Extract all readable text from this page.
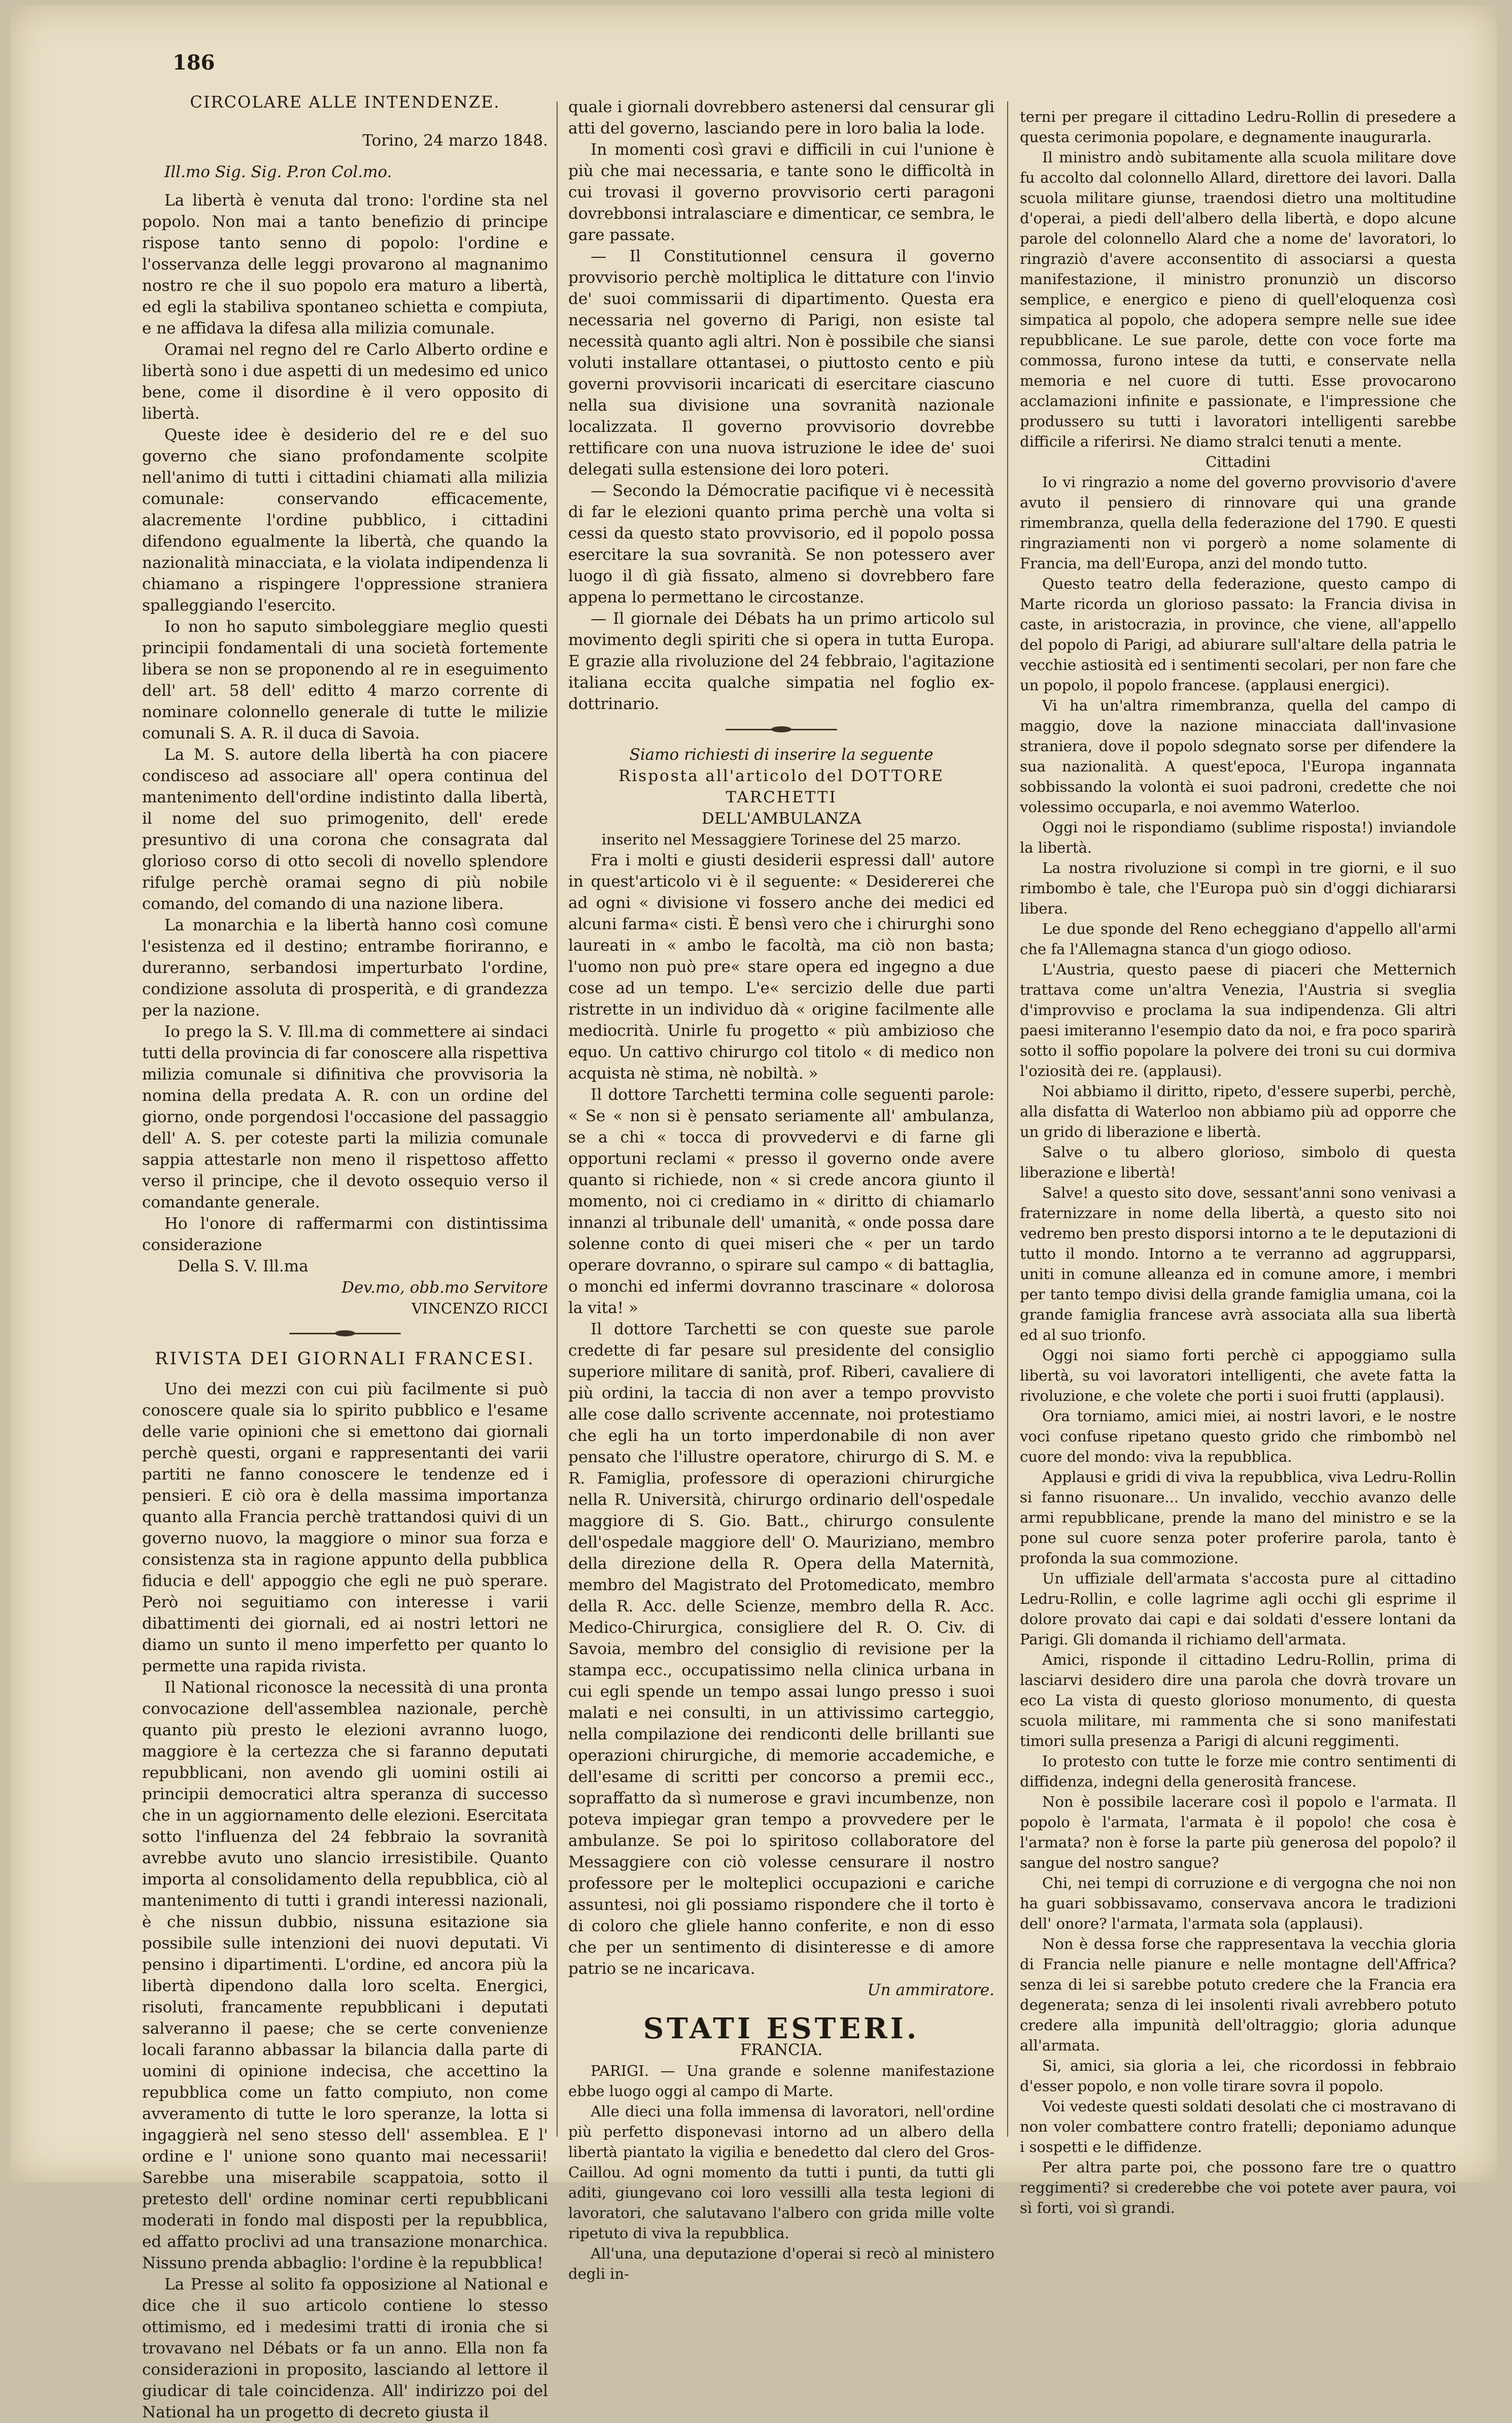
186

CIRCOLARE ALLE INTENDENZE.

Torino, 24 marzo 1848.

Ill.mo Sig. Sig. P.ron Col.mo.

La libertà è venuta dal trono: l'ordine sta nel popolo. Non mai a tanto benefizio di principe rispose tanto senno di popolo: l'ordine e l'osservanza delle leggi provarono al magnanimo nostro re che il suo popolo era maturo a libertà, ed egli la stabiliva spontaneo schietta e compiuta, e ne affidava la difesa alla milizia comunale.

Oramai nel regno del re Carlo Alberto ordine e libertà sono i due aspetti di un medesimo ed unico bene, come il disordine è il vero opposito di libertà.

Queste idee è desiderio del re e del suo governo che siano profondamente scolpite nell'animo di tutti i cittadini chiamati alla milizia comunale: conservando efficacemente, alacremente l'ordine pubblico, i cittadini difendono egualmente la libertà, che quando la nazionalità minacciata, e la violata indipendenza li chiamano a rispingere l'oppressione straniera spalleggiando l'esercito.

Io non ho saputo simboleggiare meglio questi principii fondamentali di una società fortemente libera se non se proponendo al re in eseguimento dell' art. 58 dell' editto 4 marzo corrente di nominare colonnello generale di tutte le milizie comunali S. A. R. il duca di Savoia.

La M. S. autore della libertà ha con piacere condisceso ad associare all' opera continua del mantenimento dell'ordine indistinto dalla libertà, il nome del suo primogenito, dell' erede presuntivo di una corona che consagrata dal glorioso corso di otto secoli di novello splendore rifulge perchè oramai segno di più nobile comando, del comando di una nazione libera.

La monarchia e la libertà hanno così comune l'esistenza ed il destino; entrambe fioriranno, e dureranno, serbandosi imperturbato l'ordine, condizione assoluta di prosperità, e di grandezza per la nazione.

Io prego la S. V. Ill.ma di commettere ai sindaci tutti della provincia di far conoscere alla rispettiva milizia comunale si difinitiva che provvisoria la nomina della predata A. R. con un ordine del giorno, onde porgendosi l'occasione del passaggio dell' A. S. per coteste parti la milizia comunale sappia attestarle non meno il rispettoso affetto verso il principe, che il devoto ossequio verso il comandante generale.

Ho l'onore di raffermarmi con distintissima considerazione

Della S. V. Ill.ma

Dev.mo, obb.mo Servitore

VINCENZO RICCI

RIVISTA DEI GIORNALI FRANCESI.

Uno dei mezzi con cui più facilmente si può conoscere quale sia lo spirito pubblico e l'esame delle varie opinioni che si emettono dai giornali perchè questi, organi e rappresentanti dei varii partiti ne fanno conoscere le tendenze ed i pensieri. E ciò ora è della massima importanza quanto alla Francia perchè trattandosi quivi di un governo nuovo, la maggiore o minor sua forza e consistenza sta in ragione appunto della pubblica fiducia e dell' appoggio che egli ne può sperare. Però noi seguitiamo con interesse i varii dibattimenti dei giornali, ed ai nostri lettori ne diamo un sunto il meno imperfetto per quanto lo permette una rapida rivista.

Il National riconosce la necessità di una pronta convocazione dell'assemblea nazionale, perchè quanto più presto le elezioni avranno luogo, maggiore è la certezza che si faranno deputati repubblicani, non avendo gli uomini ostili ai principii democratici altra speranza di successo che in un aggiornamento delle elezioni. Esercitata sotto l'influenza del 24 febbraio la sovranità avrebbe avuto uno slancio irresistibile. Quanto importa al consolidamento della repubblica, ciò al mantenimento di tutti i grandi interessi nazionali, è che nissun dubbio, nissuna esitazione sia possibile sulle intenzioni dei nuovi deputati. Vi pensino i dipartimenti. L'ordine, ed ancora più la libertà dipendono dalla loro scelta. Energici, risoluti, francamente repubblicani i deputati salveranno il paese; che se certe convenienze locali faranno abbassar la bilancia dalla parte di uomini di opinione indecisa, che accettino la repubblica come un fatto compiuto, non come avveramento di tutte le loro speranze, la lotta si ingaggierà nel seno stesso dell' assemblea. E l' ordine e l' unione sono quanto mai necessarii! Sarebbe una miserabile scappatoia, sotto il pretesto dell' ordine nominar certi repubblicani moderati in fondo mal disposti per la repubblica, ed affatto proclivi ad una transazione monarchica. Nissuno prenda abbaglio: l'ordine è la repubblica!

La Presse al solito fa opposizione al National e dice che il suo articolo contiene lo stesso ottimismo, ed i medesimi tratti di ironia che si trovavano nel Débats or fa un anno. Ella non fa considerazioni in proposito, lasciando al lettore il giudicar di tale coincidenza. All' indirizzo poi del National ha un progetto di decreto giusta il

quale i giornali dovrebbero astenersi dal censurar gli atti del governo, lasciando pere in loro balia la lode.

In momenti così gravi e difficili in cui l'unione è più che mai necessaria, e tante sono le difficoltà in cui trovasi il governo provvisorio certi paragoni dovrebbonsi intralasciare e dimenticar, ce sembra, le gare passate.

— Il Constitutionnel censura il governo provvisorio perchè moltiplica le dittature con l'invio de' suoi commissarii di dipartimento. Questa era necessaria nel governo di Parigi, non esiste tal necessità quanto agli altri. Non è possibile che siansi voluti installare ottantasei, o piuttosto cento e più governi provvisorii incaricati di esercitare ciascuno nella sua divisione una sovranità nazionale localizzata. Il governo provvisorio dovrebbe rettificare con una nuova istruzione le idee de' suoi delegati sulla estensione dei loro poteri.

— Secondo la Démocratie pacifique vi è necessità di far le elezioni quanto prima perchè una volta si cessi da questo stato provvisorio, ed il popolo possa esercitare la sua sovranità. Se non potessero aver luogo il dì già fissato, almeno si dovrebbero fare appena lo permettano le circostanze.

— Il giornale dei Débats ha un primo articolo sul movimento degli spiriti che si opera in tutta Europa. E grazie alla rivoluzione del 24 febbraio, l'agitazione italiana eccita qualche simpatia nel foglio ex-dottrinario.

Siamo richiesti di inserire la seguente

Risposta all'articolo del DOTTORE TARCHETTI

DELL'AMBULANZA

inserito nel Messaggiere Torinese del 25 marzo.

Fra i molti e giusti desiderii espressi dall' autore in quest'articolo vi è il seguente: « Desidererei che ad ogni « divisione vi fossero anche dei medici ed alcuni farma« cisti. È bensì vero che i chirurghi sono laureati in « ambo le facoltà, ma ciò non basta; l'uomo non può pre« stare opera ed ingegno a due cose ad un tempo. L'e« sercizio delle due parti ristrette in un individuo dà « origine facilmente alle mediocrità. Unirle fu progetto « più ambizioso che equo. Un cattivo chirurgo col titolo « di medico non acquista nè stima, nè nobiltà. »

Il dottore Tarchetti termina colle seguenti parole: « Se « non si è pensato seriamente all' ambulanza, se a chi « tocca di provvedervi e di farne gli opportuni reclami « presso il governo onde avere quanto si richiede, non « si crede ancora giunto il momento, noi ci crediamo in « diritto di chiamarlo innanzi al tribunale dell' umanità, « onde possa dare solenne conto di quei miseri che « per un tardo operare dovranno, o spirare sul campo « di battaglia, o monchi ed infermi dovranno trascinare « dolorosa la vita! »

Il dottore Tarchetti se con queste sue parole credette di far pesare sul presidente del consiglio superiore militare di sanità, prof. Riberi, cavaliere di più ordini, la taccia di non aver a tempo provvisto alle cose dallo scrivente accennate, noi protestiamo che egli ha un torto imperdonabile di non aver pensato che l'illustre operatore, chirurgo di S. M. e R. Famiglia, professore di operazioni chirurgiche nella R. Università, chirurgo ordinario dell'ospedale maggiore di S. Gio. Batt., chirurgo consulente dell'ospedale maggiore dell' O. Mauriziano, membro della direzione della R. Opera della Maternità, membro del Magistrato del Protomedicato, membro della R. Acc. delle Scienze, membro della R. Acc. Medico-Chirurgica, consigliere del R. O. Civ. di Savoia, membro del consiglio di revisione per la stampa ecc., occupatissimo nella clinica urbana in cui egli spende un tempo assai lungo presso i suoi malati e nei consulti, in un attivissimo carteggio, nella compilazione dei rendiconti delle brillanti sue operazioni chirurgiche, di memorie accademiche, e dell'esame di scritti per concorso a premii ecc., sopraffatto da sì numerose e gravi incumbenze, non poteva impiegar gran tempo a provvedere per le ambulanze. Se poi lo spiritoso collaboratore del Messaggiere con ciò volesse censurare il nostro professore per le molteplici occupazioni e cariche assuntesi, noi gli possiamo rispondere che il torto è di coloro che gliele hanno conferite, e non di esso che per un sentimento di disinteresse e di amore patrio se ne incaricava.

Un ammiratore.

STATI ESTERI.

FRANCIA.

PARIGI. — Una grande e solenne manifestazione ebbe luogo oggi al campo di Marte.

Alle dieci una folla immensa di lavoratori, nell'ordine più perfetto disponevasi intorno ad un albero della libertà piantato la vigilia e benedetto dal clero del Gros-Caillou. Ad ogni momento da tutti i punti, da tutti gli aditi, giungevano coi loro vessilli alla testa legioni di lavoratori, che salutavano l'albero con grida mille volte ripetuto di viva la repubblica.

All'una, una deputazione d'operai si recò al ministero degli in-

terni per pregare il cittadino Ledru-Rollin di presedere a questa cerimonia popolare, e degnamente inaugurarla.

Il ministro andò subitamente alla scuola militare dove fu accolto dal colonnello Allard, direttore dei lavori. Dalla scuola militare giunse, traendosi dietro una moltitudine d'operai, a piedi dell'albero della libertà, e dopo alcune parole del colonnello Alard che a nome de' lavoratori, lo ringraziò d'avere acconsentito di associarsi a questa manifestazione, il ministro pronunziò un discorso semplice, e energico e pieno di quell'eloquenza così simpatica al popolo, che adopera sempre nelle sue idee repubblicane. Le sue parole, dette con voce forte ma commossa, furono intese da tutti, e conservate nella memoria e nel cuore di tutti. Esse provocarono acclamazioni infinite e passionate, e l'impressione che produssero su tutti i lavoratori intelligenti sarebbe difficile a riferirsi. Ne diamo stralci tenuti a mente.

Cittadini

Io vi ringrazio a nome del governo provvisorio d'avere avuto il pensiero di rinnovare qui una grande rimembranza, quella della federazione del 1790. E questi ringraziamenti non vi porgerò a nome solamente di Francia, ma dell'Europa, anzi del mondo tutto.

Questo teatro della federazione, questo campo di Marte ricorda un glorioso passato: la Francia divisa in caste, in aristocrazia, in province, che viene, all'appello del popolo di Parigi, ad abiurare sull'altare della patria le vecchie astiosità ed i sentimenti secolari, per non fare che un popolo, il popolo francese. (applausi energici).

Vi ha un'altra rimembranza, quella del campo di maggio, dove la nazione minacciata dall'invasione straniera, dove il popolo sdegnato sorse per difendere la sua nazionalità. A quest'epoca, l'Europa ingannata sobbissando la volontà ei suoi padroni, credette che noi volessimo occuparla, e noi avemmo Waterloo.

Oggi noi le rispondiamo (sublime risposta!) inviandole la libertà.

La nostra rivoluzione si compì in tre giorni, e il suo rimbombo è tale, che l'Europa può sin d'oggi dichiararsi libera.

Le due sponde del Reno echeggiano d'appello all'armi che fa l'Allemagna stanca d'un giogo odioso.

L'Austria, questo paese di piaceri che Metternich trattava come un'altra Venezia, l'Austria si sveglia d'improvviso e proclama la sua indipendenza. Gli altri paesi imiteranno l'esempio dato da noi, e fra poco sparirà sotto il soffio popolare la polvere dei troni su cui dormiva l'oziosità dei re. (applausi).

Noi abbiamo il diritto, ripeto, d'essere superbi, perchè, alla disfatta di Waterloo non abbiamo più ad opporre che un grido di liberazione e libertà.

Salve o tu albero glorioso, simbolo di questa liberazione e libertà!

Salve! a questo sito dove, sessant'anni sono venivasi a fraternizzare in nome della libertà, a questo sito noi vedremo ben presto disporsi intorno a te le deputazioni di tutto il mondo. Intorno a te verranno ad aggrupparsi, uniti in comune alleanza ed in comune amore, i membri per tanto tempo divisi della grande famiglia umana, coi la grande famiglia francese avrà associata alla sua libertà ed al suo trionfo.

Oggi noi siamo forti perchè ci appoggiamo sulla libertà, su voi lavoratori intelligenti, che avete fatta la rivoluzione, e che volete che porti i suoi frutti (applausi).

Ora torniamo, amici miei, ai nostri lavori, e le nostre voci confuse ripetano questo grido che rimbombò nel cuore del mondo: viva la repubblica.

Applausi e gridi di viva la repubblica, viva Ledru-Rollin si fanno risuonare... Un invalido, vecchio avanzo delle armi repubblicane, prende la mano del ministro e se la pone sul cuore senza poter proferire parola, tanto è profonda la sua commozione.

Un uffiziale dell'armata s'accosta pure al cittadino Ledru-Rollin, e colle lagrime agli occhi gli esprime il dolore provato dai capi e dai soldati d'essere lontani da Parigi. Gli domanda il richiamo dell'armata.

Amici, risponde il cittadino Ledru-Rollin, prima di lasciarvi desidero dire una parola che dovrà trovare un eco La vista di questo glorioso monumento, di questa scuola militare, mi rammenta che si sono manifestati timori sulla presenza a Parigi di alcuni reggimenti.

Io protesto con tutte le forze mie contro sentimenti di diffidenza, indegni della generosità francese.

Non è possibile lacerare così il popolo e l'armata. Il popolo è l'armata, l'armata è il popolo! che cosa è l'armata? non è forse la parte più generosa del popolo? il sangue del nostro sangue?

Chi, nei tempi di corruzione e di vergogna che noi non ha guari sobbissavamo, conservava ancora le tradizioni dell' onore? l'armata, l'armata sola (applausi).

Non è dessa forse che rappresentava la vecchia gloria di Francia nelle pianure e nelle montagne dell'Affrica? senza di lei si sarebbe potuto credere che la Francia era degenerata; senza di lei insolenti rivali avrebbero potuto credere alla impunità dell'oltraggio; gloria adunque all'armata.

Si, amici, sia gloria a lei, che ricordossi in febbraio d'esser popolo, e non volle tirare sovra il popolo.

Voi vedeste questi soldati desolati che ci mostravano di non voler combattere contro fratelli; deponiamo adunque i sospetti e le diffidenze.

Per altra parte poi, che possono fare tre o quattro reggimenti? si crederebbe che voi potete aver paura, voi sì forti, voi sì grandi.
